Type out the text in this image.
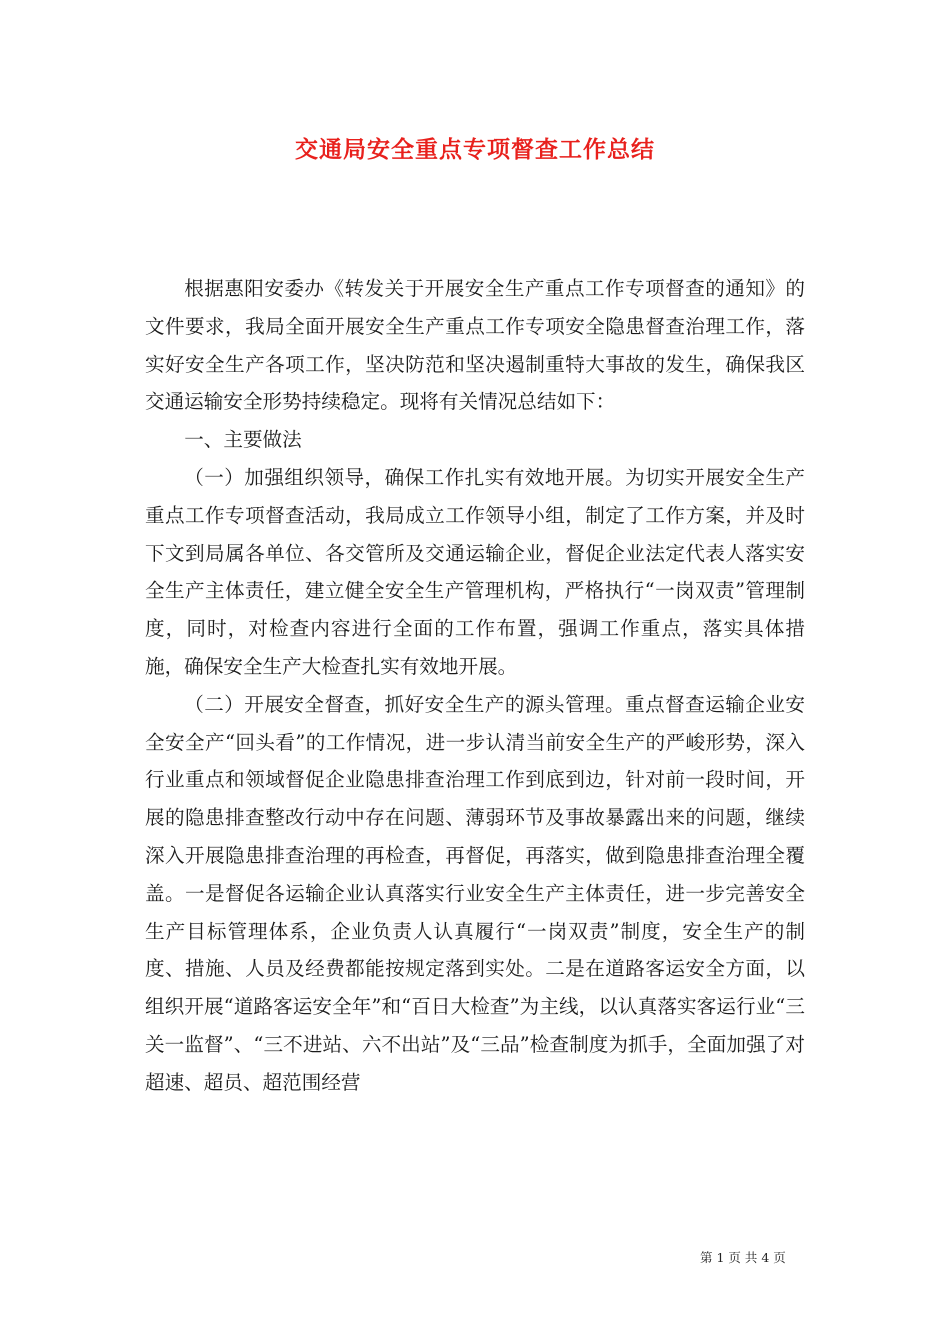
交通局安全重点专项督查工作总结

根据惠阳安委办《转发关于开展安全生产重点工作专项督查的通知》的文件要求，我局全面开展安全生产重点工作专项安全隐患督查治理工作，落实好安全生产各项工作，坚决防范和坚决遏制重特大事故的发生，确保我区交通运输安全形势持续稳定。现将有关情况总结如下：

一、主要做法

（一）加强组织领导，确保工作扎实有效地开展。为切实开展安全生产重点工作专项督查活动，我局成立工作领导小组，制定了工作方案，并及时下文到局属各单位、各交管所及交通运输企业，督促企业法定代表人落实安全生产主体责任，建立健全安全生产管理机构，严格执行“一岗双责”管理制度，同时，对检查内容进行全面的工作布置，强调工作重点，落实具体措施，确保安全生产大检查扎实有效地开展。

（二）开展安全督查，抓好安全生产的源头管理。重点督查运输企业安全安全产“回头看”的工作情况，进一步认清当前安全生产的严峻形势，深入行业重点和领域督促企业隐患排查治理工作到底到边，针对前一段时间，开展的隐患排查整改行动中存在问题、薄弱环节及事故暴露出来的问题，继续深入开展隐患排查治理的再检查，再督促，再落实，做到隐患排查治理全覆盖。一是督促各运输企业认真落实行业安全生产主体责任，进一步完善安全生产目标管理体系，企业负责人认真履行“一岗双责”制度，安全生产的制度、措施、人员及经费都能按规定落到实处。二是在道路客运安全方面，以组织开展“道路客运安全年”和“百日大检查”为主线，以认真落实客运行业“三关一监督”、“三不进站、六不出站”及“三品”检查制度为抓手，全面加强了对超速、超员、超范围经营

第 1 页 共 4 页
